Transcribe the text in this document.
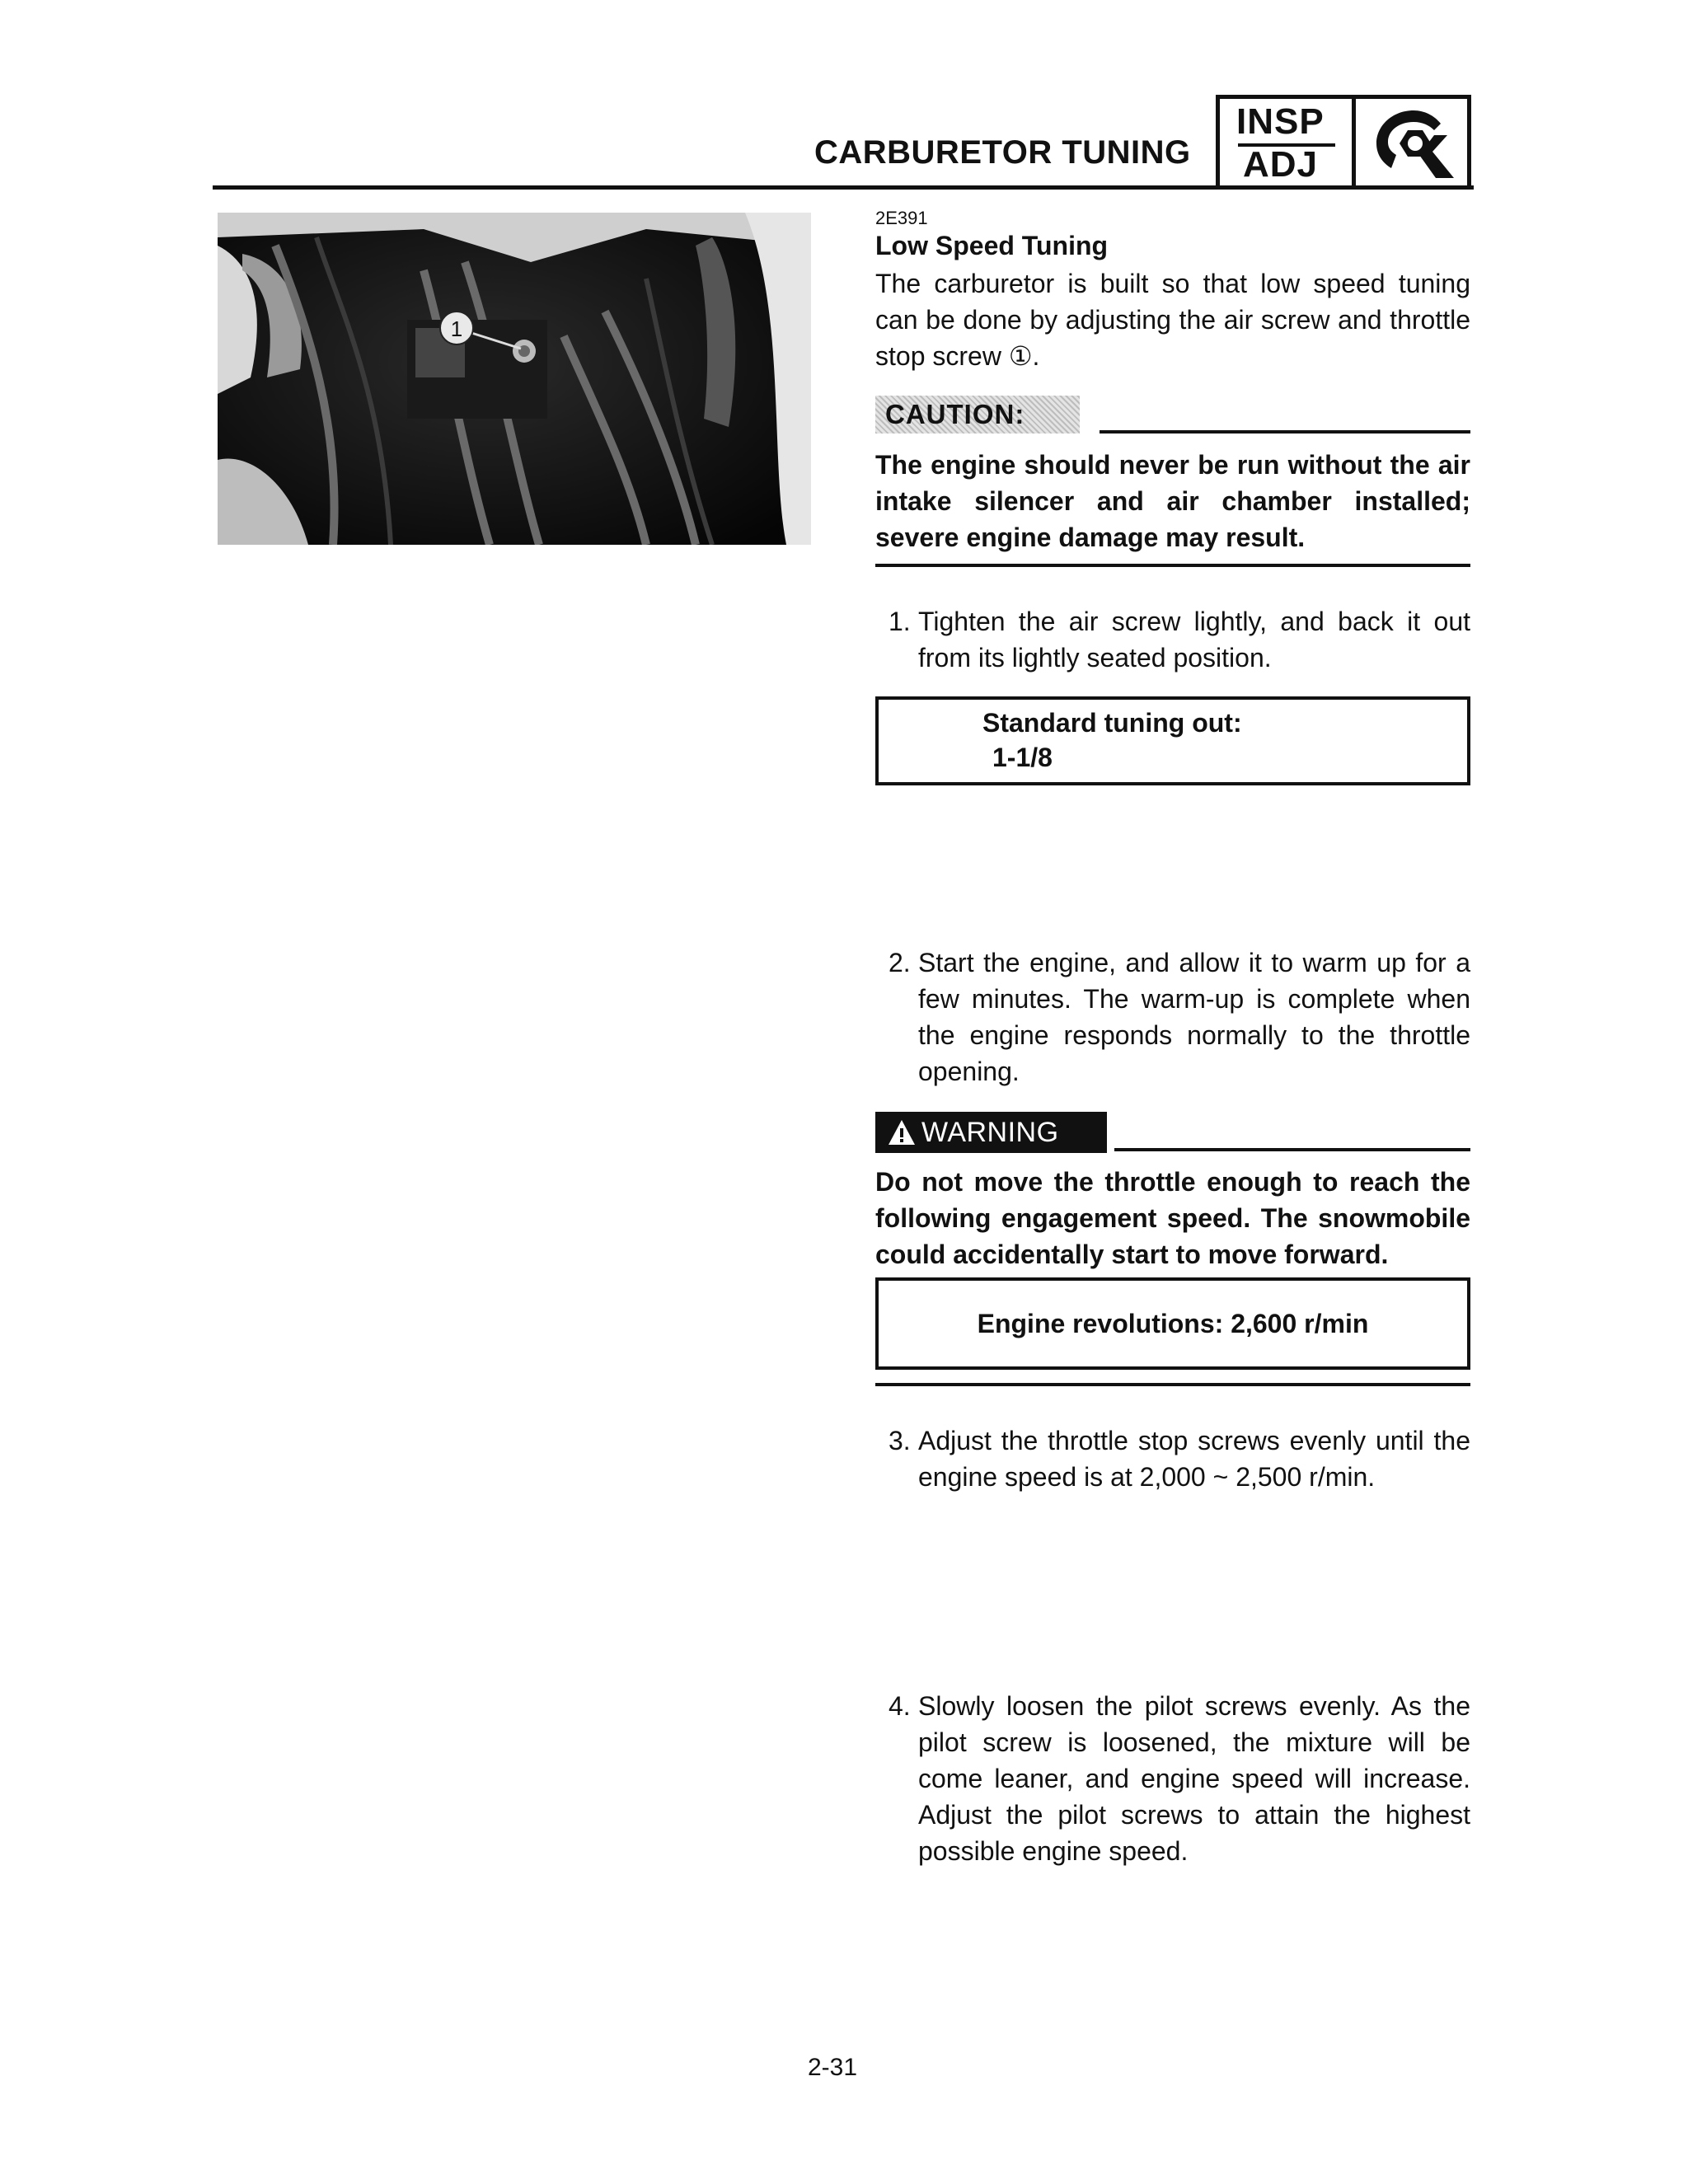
CARBURETOR TUNING
INSP
ADJ
1
2E391
Low Speed Tuning
The carburetor is built so that low speed tuning can be done by adjusting the air screw and throttle stop screw ①.
CAUTION:
The engine should never be run without the air intake silencer and air chamber installed; severe engine damage may result.
1. Tighten the air screw lightly, and back it out from its lightly seated position.
Standard tuning out:
1-1/8
2. Start the engine, and allow it to warm up for a few minutes. The warm-up is complete when the engine responds normally to the throttle opening.
WARNING
Do not move the throttle enough to reach the following engagement speed. The snowmobile could accidentally start to move forward.
Engine revolutions: 2,600 r/min
3. Adjust the throttle stop screws evenly until the engine speed is at 2,000 ~ 2,500 r/min.
4. Slowly loosen the pilot screws evenly. As the pilot screw is loosened, the mixture will be come leaner, and engine speed will increase. Adjust the pilot screws to attain the highest possible engine speed.
2-31
